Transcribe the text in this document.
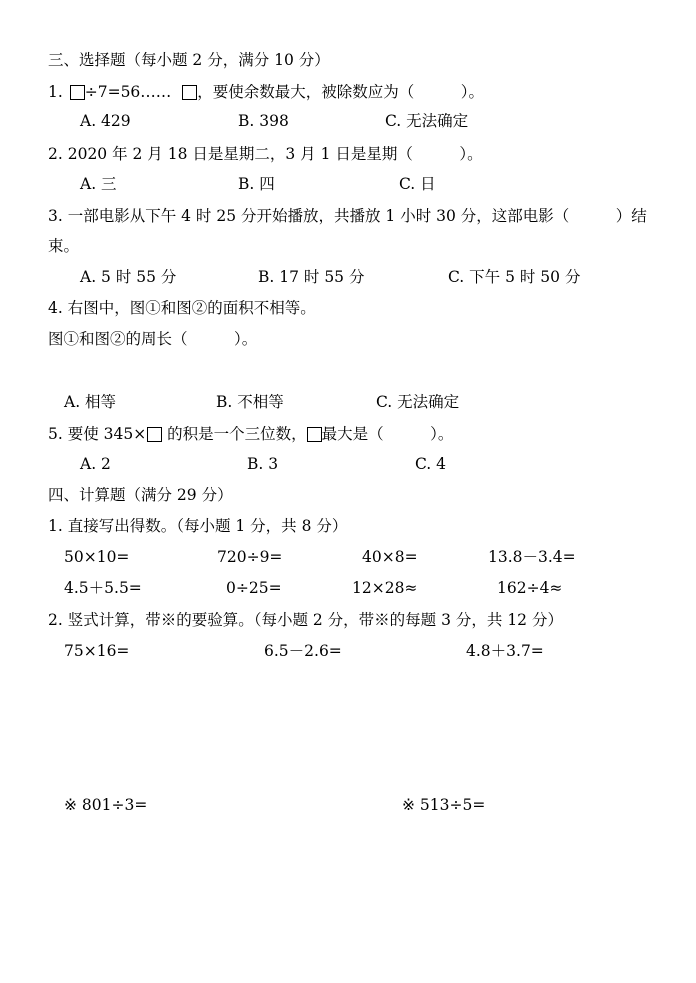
三、选择题（每小题 2 分，满分 10 分）
1. ÷7=56…… ，要使余数最大，被除数应为（　　　）。
A. 429	B. 398	C. 无法确定
2. 2020 年 2 月 18 日是星期二，3 月 1 日是星期（　　　）。
A. 三	B. 四	C. 日
3. 一部电影从下午 4 时 25 分开始播放，共播放 1 小时 30 分，这部电影（　　　）结
束。
A. 5 时 55 分	B. 17 时 55 分	C. 下午 5 时 50 分
4. 右图中，图①和图②的面积不相等。
图①和图②的周长（　　　）。
A. 相等	B. 不相等	C. 无法确定
5. 要使 345× 的积是一个三位数， 最大是（　　　）。
A. 2	B. 3	C. 4
四、计算题（满分 29 分）
1. 直接写出得数。（每小题 1 分，共 8 分）
50×10=	720÷9=	40×8=	13.8－3.4=
4.5＋5.5=	0÷25=	12×28≈	162÷4≈
2. 竖式计算，带※的要验算。（每小题 2 分，带※的每题 3 分，共 12 分）
75×16=	6.5－2.6=	4.8＋3.7=
※ 801÷3=	※ 513÷5=
